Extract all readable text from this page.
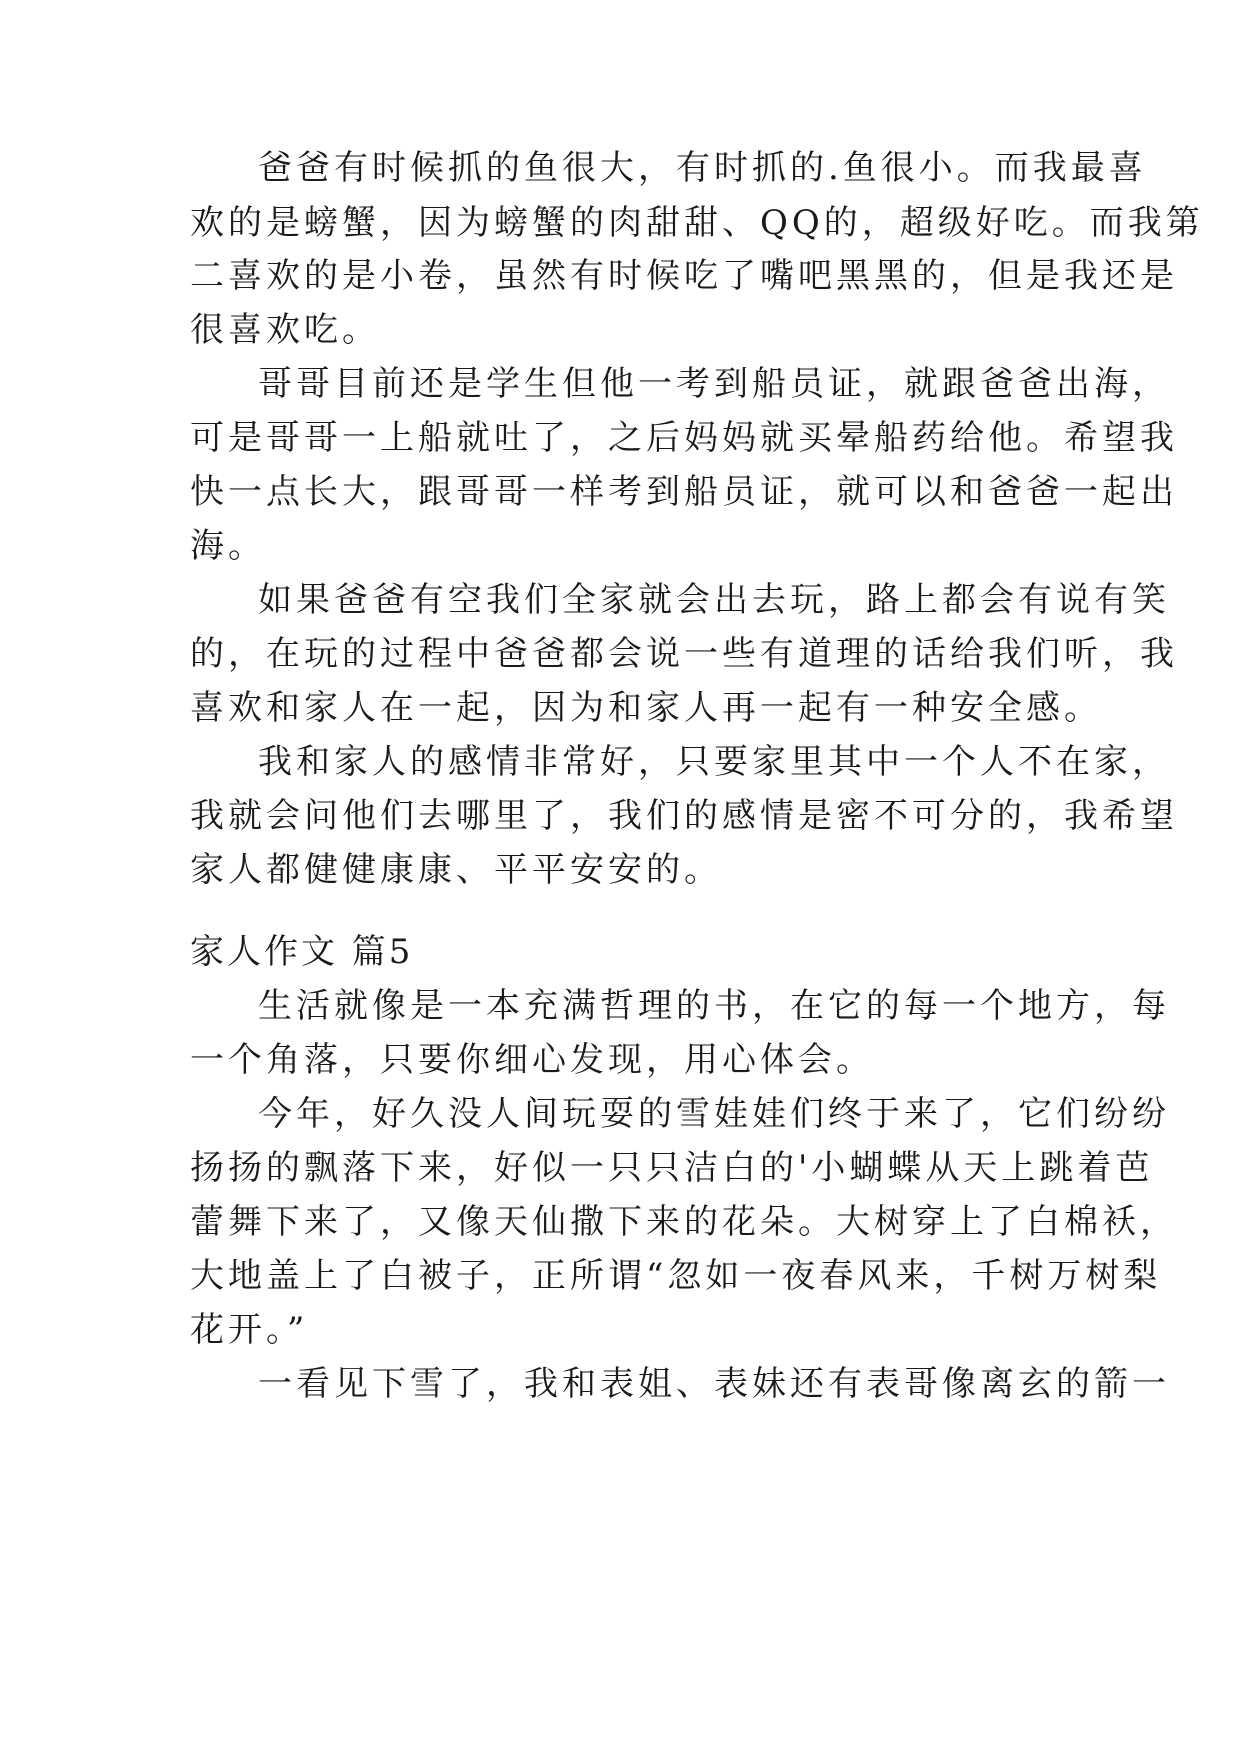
爸爸有时候抓的鱼很大，有时抓的.鱼很小。而我最喜
欢的是螃蟹，因为螃蟹的肉甜甜、QQ的，超级好吃。而我第
二喜欢的是小卷，虽然有时候吃了嘴吧黑黑的，但是我还是
很喜欢吃。
哥哥目前还是学生但他一考到船员证，就跟爸爸出海，
可是哥哥一上船就吐了，之后妈妈就买晕船药给他。希望我
快一点长大，跟哥哥一样考到船员证，就可以和爸爸一起出
海。
如果爸爸有空我们全家就会出去玩，路上都会有说有笑
的，在玩的过程中爸爸都会说一些有道理的话给我们听，我
喜欢和家人在一起，因为和家人再一起有一种安全感。
我和家人的感情非常好，只要家里其中一个人不在家，
我就会问他们去哪里了，我们的感情是密不可分的，我希望
家人都健健康康、平平安安的。
家人作文 篇5
生活就像是一本充满哲理的书，在它的每一个地方，每
一个角落，只要你细心发现，用心体会。
今年，好久没人间玩耍的雪娃娃们终于来了，它们纷纷
扬扬的飘落下来，好似一只只洁白的'小蝴蝶从天上跳着芭
蕾舞下来了，又像天仙撒下来的花朵。大树穿上了白棉袄，
大地盖上了白被子，正所谓“忽如一夜春风来，千树万树梨
花开。”
一看见下雪了，我和表姐、表妹还有表哥像离玄的箭一
